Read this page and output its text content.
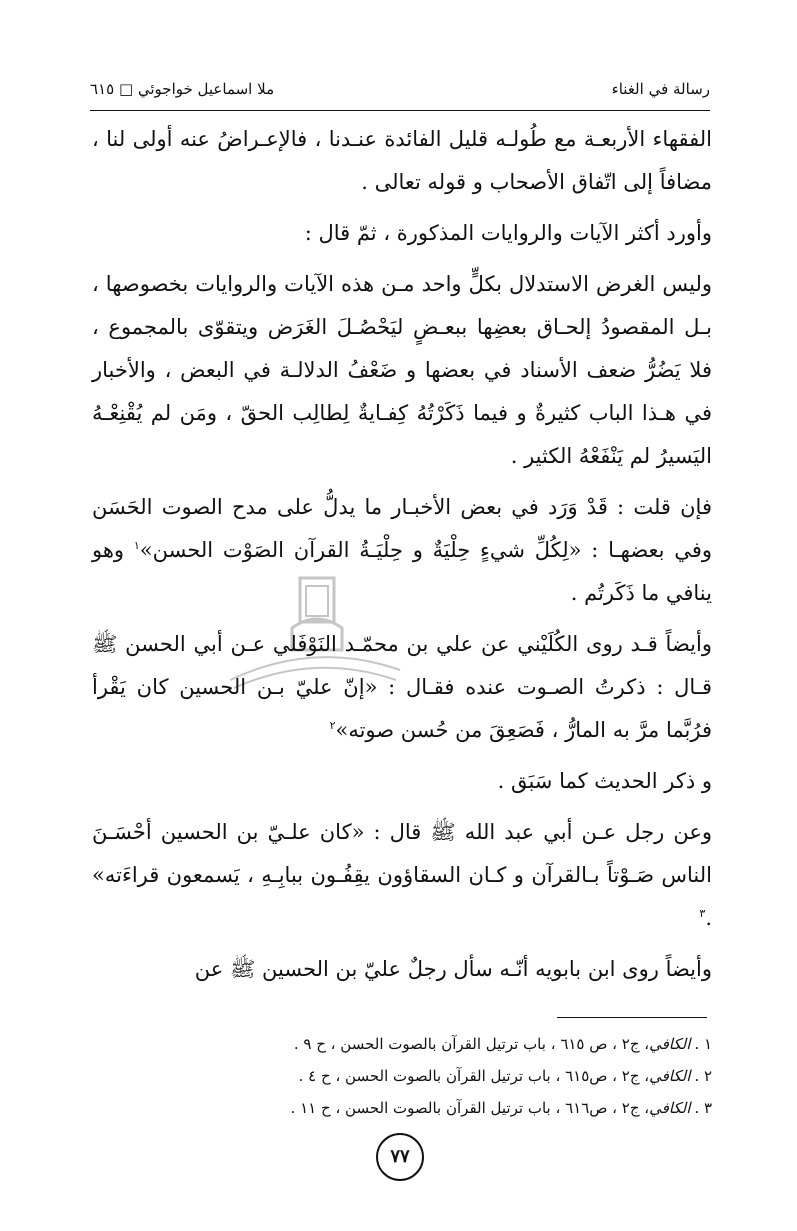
ملا اسماعيل خواجوئي □ ٦١٥	رسالة في الغناء

الفقهاء الأربعـة مع طُولـه قليل الفائدة عنـدنا ، فالإعـراضُ عنه أولى لنا ، مضافاً إلى اتّفاق الأصحاب و قوله تعالى .

وأورد أكثر الآيات والروايات المذكورة ، ثمّ قال :

وليس الغرض الاستدلال بكلٍّ واحد مـن هذه الآيات والروايات بخصوصها ، بـل المقصودُ إلحـاق بعضِها ببعـضٍ ليَحْصُـلَ الغَرَض ويتقوّى بالمجموع ، فلا يَضُرُّ ضعف الأسناد في بعضها و ضَعْفُ الدلالـة في البعض ، والأخبار في هـذا الباب كثيرةٌ و فيما ذَكَرْتُهُ كِفـايةٌ لِطالِب الحقّ ، ومَن لم يُقْنِعْـهُ اليَسيرُ لم يَنْفَعْهُ الكثير .

فإن قلت : قَدْ وَرَد في بعض الأخبـار ما يدلُّ على مدح الصوت الحَسَن وفي بعضهـا : «لِكُلِّ شيءٍ حِلْيَةٌ و حِلْيَـةُ القرآن الصَوْت الحسن»$^١$ وهو ينافي ما ذَكَرتُم .

وأيضاً قـد روى الكُلَيْني عن علي بن محمّـد النَوْفَلي عـن أبي الحسن ﷺ قـال : ذكرتُ الصـوت عنده فقـال : «إنّ عليّ بـن الحسين كان يَقْرأ فرُبَّما مرَّ به المارُّ ، فَصَعِقَ من حُسن صوته»$^٢$

و ذكر الحديث كما سَبَق .

وعن رجل عـن أبي عبد الله ﷺ قال : «كان علـيّ بن الحسين أحْسَـنَ الناس صَـوْتاً بـالقرآن و كـان السقاؤون يقِفُـون ببابِـهِ ، يَسمعون قراءَته» .$^٣$

وأيضاً روى ابن بابويه أنّـه سأل رجلٌ عليّ بن الحسين ﷺ عن

١ .الكافي، ج٢ ، ص ٦١٥ ، باب ترتيل القرآن بالصوت الحسن ، ح ٩ .
٢ .الكافي، ج٢ ، ص٦١٥ ، باب ترتيل القرآن بالصوت الحسن ، ح ٤ .
٣ .الكافي، ج٢ ، ص٦١٦ ، باب ترتيل القرآن بالصوت الحسن ، ح ١١ .
٧٧
